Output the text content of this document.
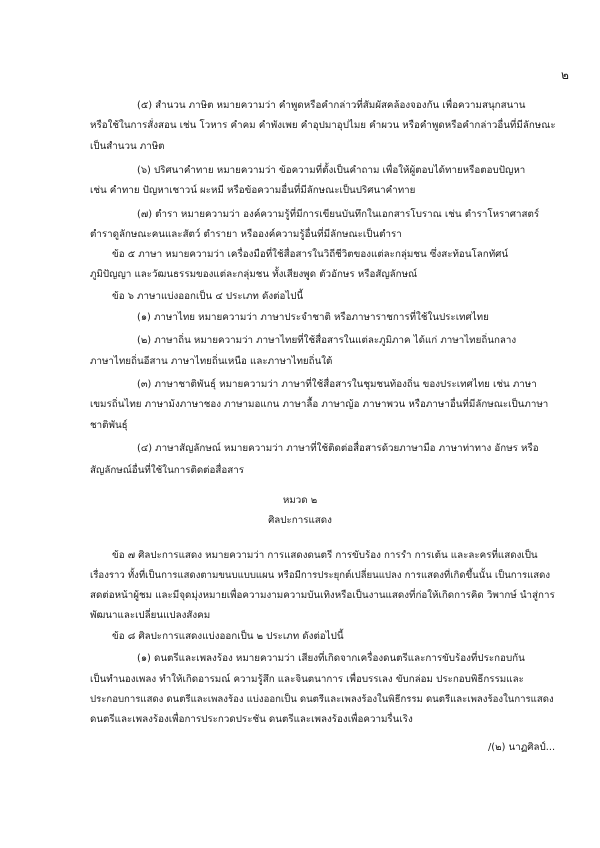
๒
(๕) สำนวน ภาษิต หมายความว่า คำพูดหรือคำกล่าวที่สัมผัสคล้องจองกัน เพื่อความสนุกสนาน
หรือใช้ในการสั่งสอน เช่น โวหาร คำคม คำพังเพย คำอุปมาอุปไมย คำผวน หรือคำพูดหรือคำกล่าวอื่นที่มีลักษณะ
เป็นสำนวน ภาษิต
(๖) ปริศนาคำทาย หมายความว่า ข้อความที่ตั้งเป็นคำถาม เพื่อให้ผู้ตอบได้ทายหรือตอบปัญหา
เช่น คำทาย ปัญหาเชาวน์ ผะหมี หรือข้อความอื่นที่มีลักษณะเป็นปริศนาคำทาย
(๗) ตำรา หมายความว่า องค์ความรู้ที่มีการเขียนบันทึกในเอกสารโบราณ เช่น ตำราโหราศาสตร์
ตำราดูลักษณะคนและสัตว์ ตำรายา หรือองค์ความรู้อื่นที่มีลักษณะเป็นตำรา
ข้อ ๕ ภาษา หมายความว่า เครื่องมือที่ใช้สื่อสารในวิถีชีวิตของแต่ละกลุ่มชน ซึ่งสะท้อนโลกทัศน์
ภูมิปัญญา และวัฒนธรรมของแต่ละกลุ่มชน ทั้งเสียงพูด ตัวอักษร หรือสัญลักษณ์
ข้อ ๖ ภาษาแบ่งออกเป็น ๔ ประเภท ดังต่อไปนี้
(๑) ภาษาไทย หมายความว่า ภาษาประจำชาติ หรือภาษาราชการที่ใช้ในประเทศไทย
(๒) ภาษาถิ่น หมายความว่า ภาษาไทยที่ใช้สื่อสารในแต่ละภูมิภาค ได้แก่ ภาษาไทยถิ่นกลาง
ภาษาไทยถิ่นอีสาน ภาษาไทยถิ่นเหนือ และภาษาไทยถิ่นใต้
(๓) ภาษาชาติพันธุ์ หมายความว่า ภาษาที่ใช้สื่อสารในชุมชนท้องถิ่น ของประเทศไทย เช่น ภาษา
เขมรถิ่นไทย ภาษาม้งภาษาชอง ภาษามอแกน ภาษาลื้อ ภาษาญ้อ ภาษาพวน หรือภาษาอื่นที่มีลักษณะเป็นภาษา
ชาติพันธุ์
(๔) ภาษาสัญลักษณ์ หมายความว่า ภาษาที่ใช้ติดต่อสื่อสารด้วยภาษามือ ภาษาท่าทาง อักษร หรือ
สัญลักษณ์อื่นที่ใช้ในการติดต่อสื่อสาร
หมวด ๒
ศิลปะการแสดง
ข้อ ๗ ศิลปะการแสดง หมายความว่า การแสดงดนตรี การขับร้อง การรำ การเต้น และละครที่แสดงเป็น
เรื่องราว ทั้งที่เป็นการแสดงตามขนบแบบแผน หรือมีการประยุกต์เปลี่ยนแปลง การแสดงที่เกิดขึ้นนั้น เป็นการแสดง
สดต่อหน้าผู้ชม และมีจุดมุ่งหมายเพื่อความงามความบันเทิงหรือเป็นงานแสดงที่ก่อให้เกิดการคิด วิพากษ์ นำสู่การ
พัฒนาและเปลี่ยนแปลงสังคม
ข้อ ๘ ศิลปะการแสดงแบ่งออกเป็น ๒ ประเภท ดังต่อไปนี้
(๑) ดนตรีและเพลงร้อง หมายความว่า เสียงที่เกิดจากเครื่องดนตรีและการขับร้องที่ประกอบกัน
เป็นทำนองเพลง ทำให้เกิดอารมณ์ ความรู้สึก และจินตนาการ เพื่อบรรเลง ขับกล่อม ประกอบพิธีกรรมและ
ประกอบการแสดง ดนตรีและเพลงร้อง แบ่งออกเป็น ดนตรีและเพลงร้องในพิธีกรรม ดนตรีและเพลงร้องในการแสดง
ดนตรีและเพลงร้องเพื่อการประกวดประชัน ดนตรีและเพลงร้องเพื่อความรื่นเริง
/(๒) นาฏศิลป์...
